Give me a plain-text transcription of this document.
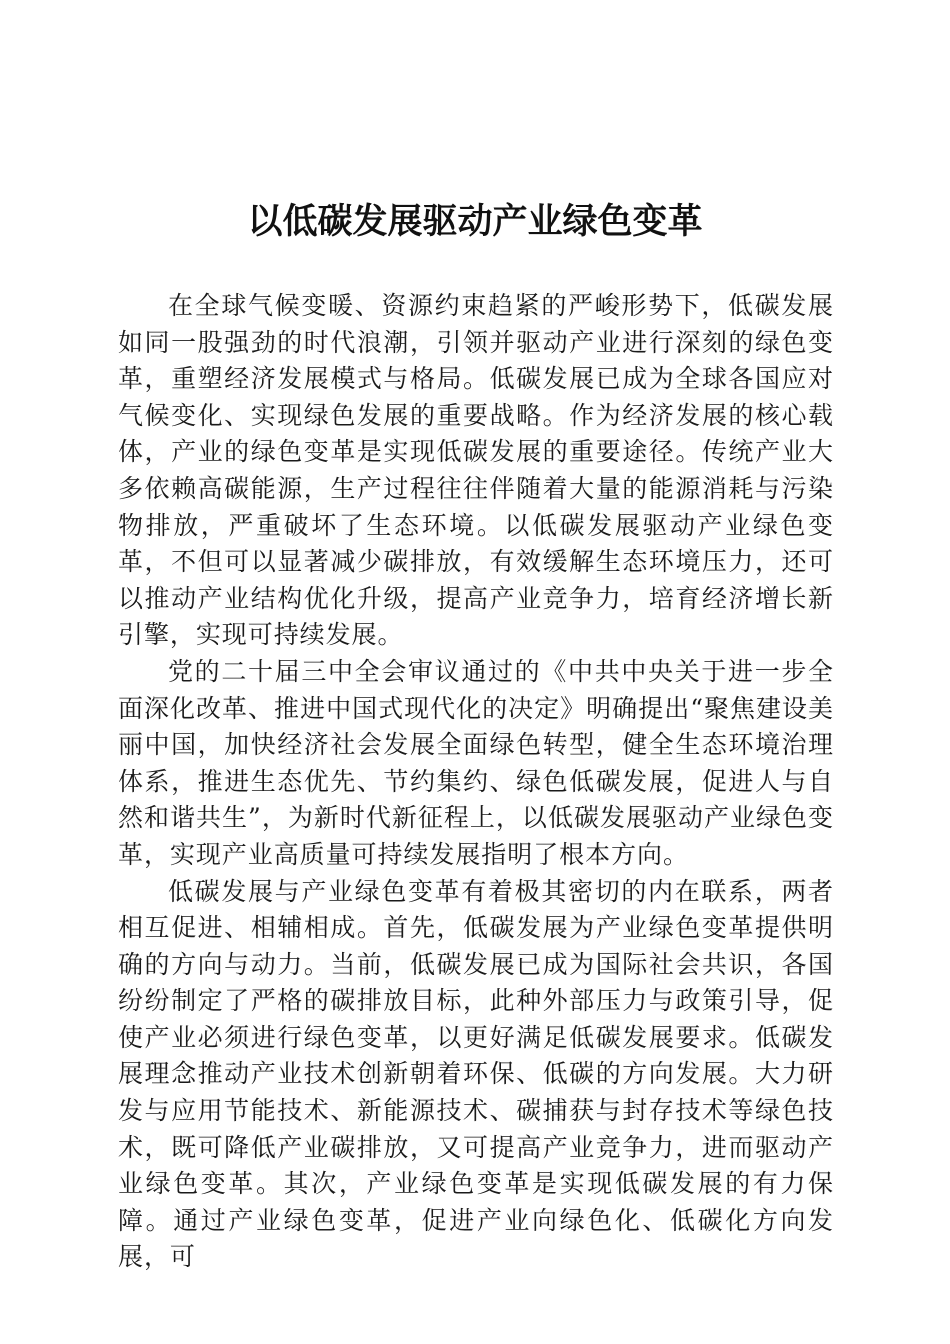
以低碳发展驱动产业绿色变革

在全球气候变暖、资源约束趋紧的严峻形势下，低碳发展如同一股强劲的时代浪潮，引领并驱动产业进行深刻的绿色变革，重塑经济发展模式与格局。低碳发展已成为全球各国应对气候变化、实现绿色发展的重要战略。作为经济发展的核心载体，产业的绿色变革是实现低碳发展的重要途径。传统产业大多依赖高碳能源，生产过程往往伴随着大量的能源消耗与污染物排放，严重破坏了生态环境。以低碳发展驱动产业绿色变革，不但可以显著减少碳排放，有效缓解生态环境压力，还可以推动产业结构优化升级，提高产业竞争力，培育经济增长新引擎，实现可持续发展。

党的二十届三中全会审议通过的《中共中央关于进一步全面深化改革、推进中国式现代化的决定》明确提出“聚焦建设美丽中国，加快经济社会发展全面绿色转型，健全生态环境治理体系，推进生态优先、节约集约、绿色低碳发展，促进人与自然和谐共生”，为新时代新征程上，以低碳发展驱动产业绿色变革，实现产业高质量可持续发展指明了根本方向。

低碳发展与产业绿色变革有着极其密切的内在联系，两者相互促进、相辅相成。首先，低碳发展为产业绿色变革提供明确的方向与动力。当前，低碳发展已成为国际社会共识，各国纷纷制定了严格的碳排放目标，此种外部压力与政策引导，促使产业必须进行绿色变革，以更好满足低碳发展要求。低碳发展理念推动产业技术创新朝着环保、低碳的方向发展。大力研发与应用节能技术、新能源技术、碳捕获与封存技术等绿色技术，既可降低产业碳排放，又可提高产业竞争力，进而驱动产业绿色变革。其次，产业绿色变革是实现低碳发展的有力保障。通过产业绿色变革，促进产业向绿色化、低碳化方向发展，可
